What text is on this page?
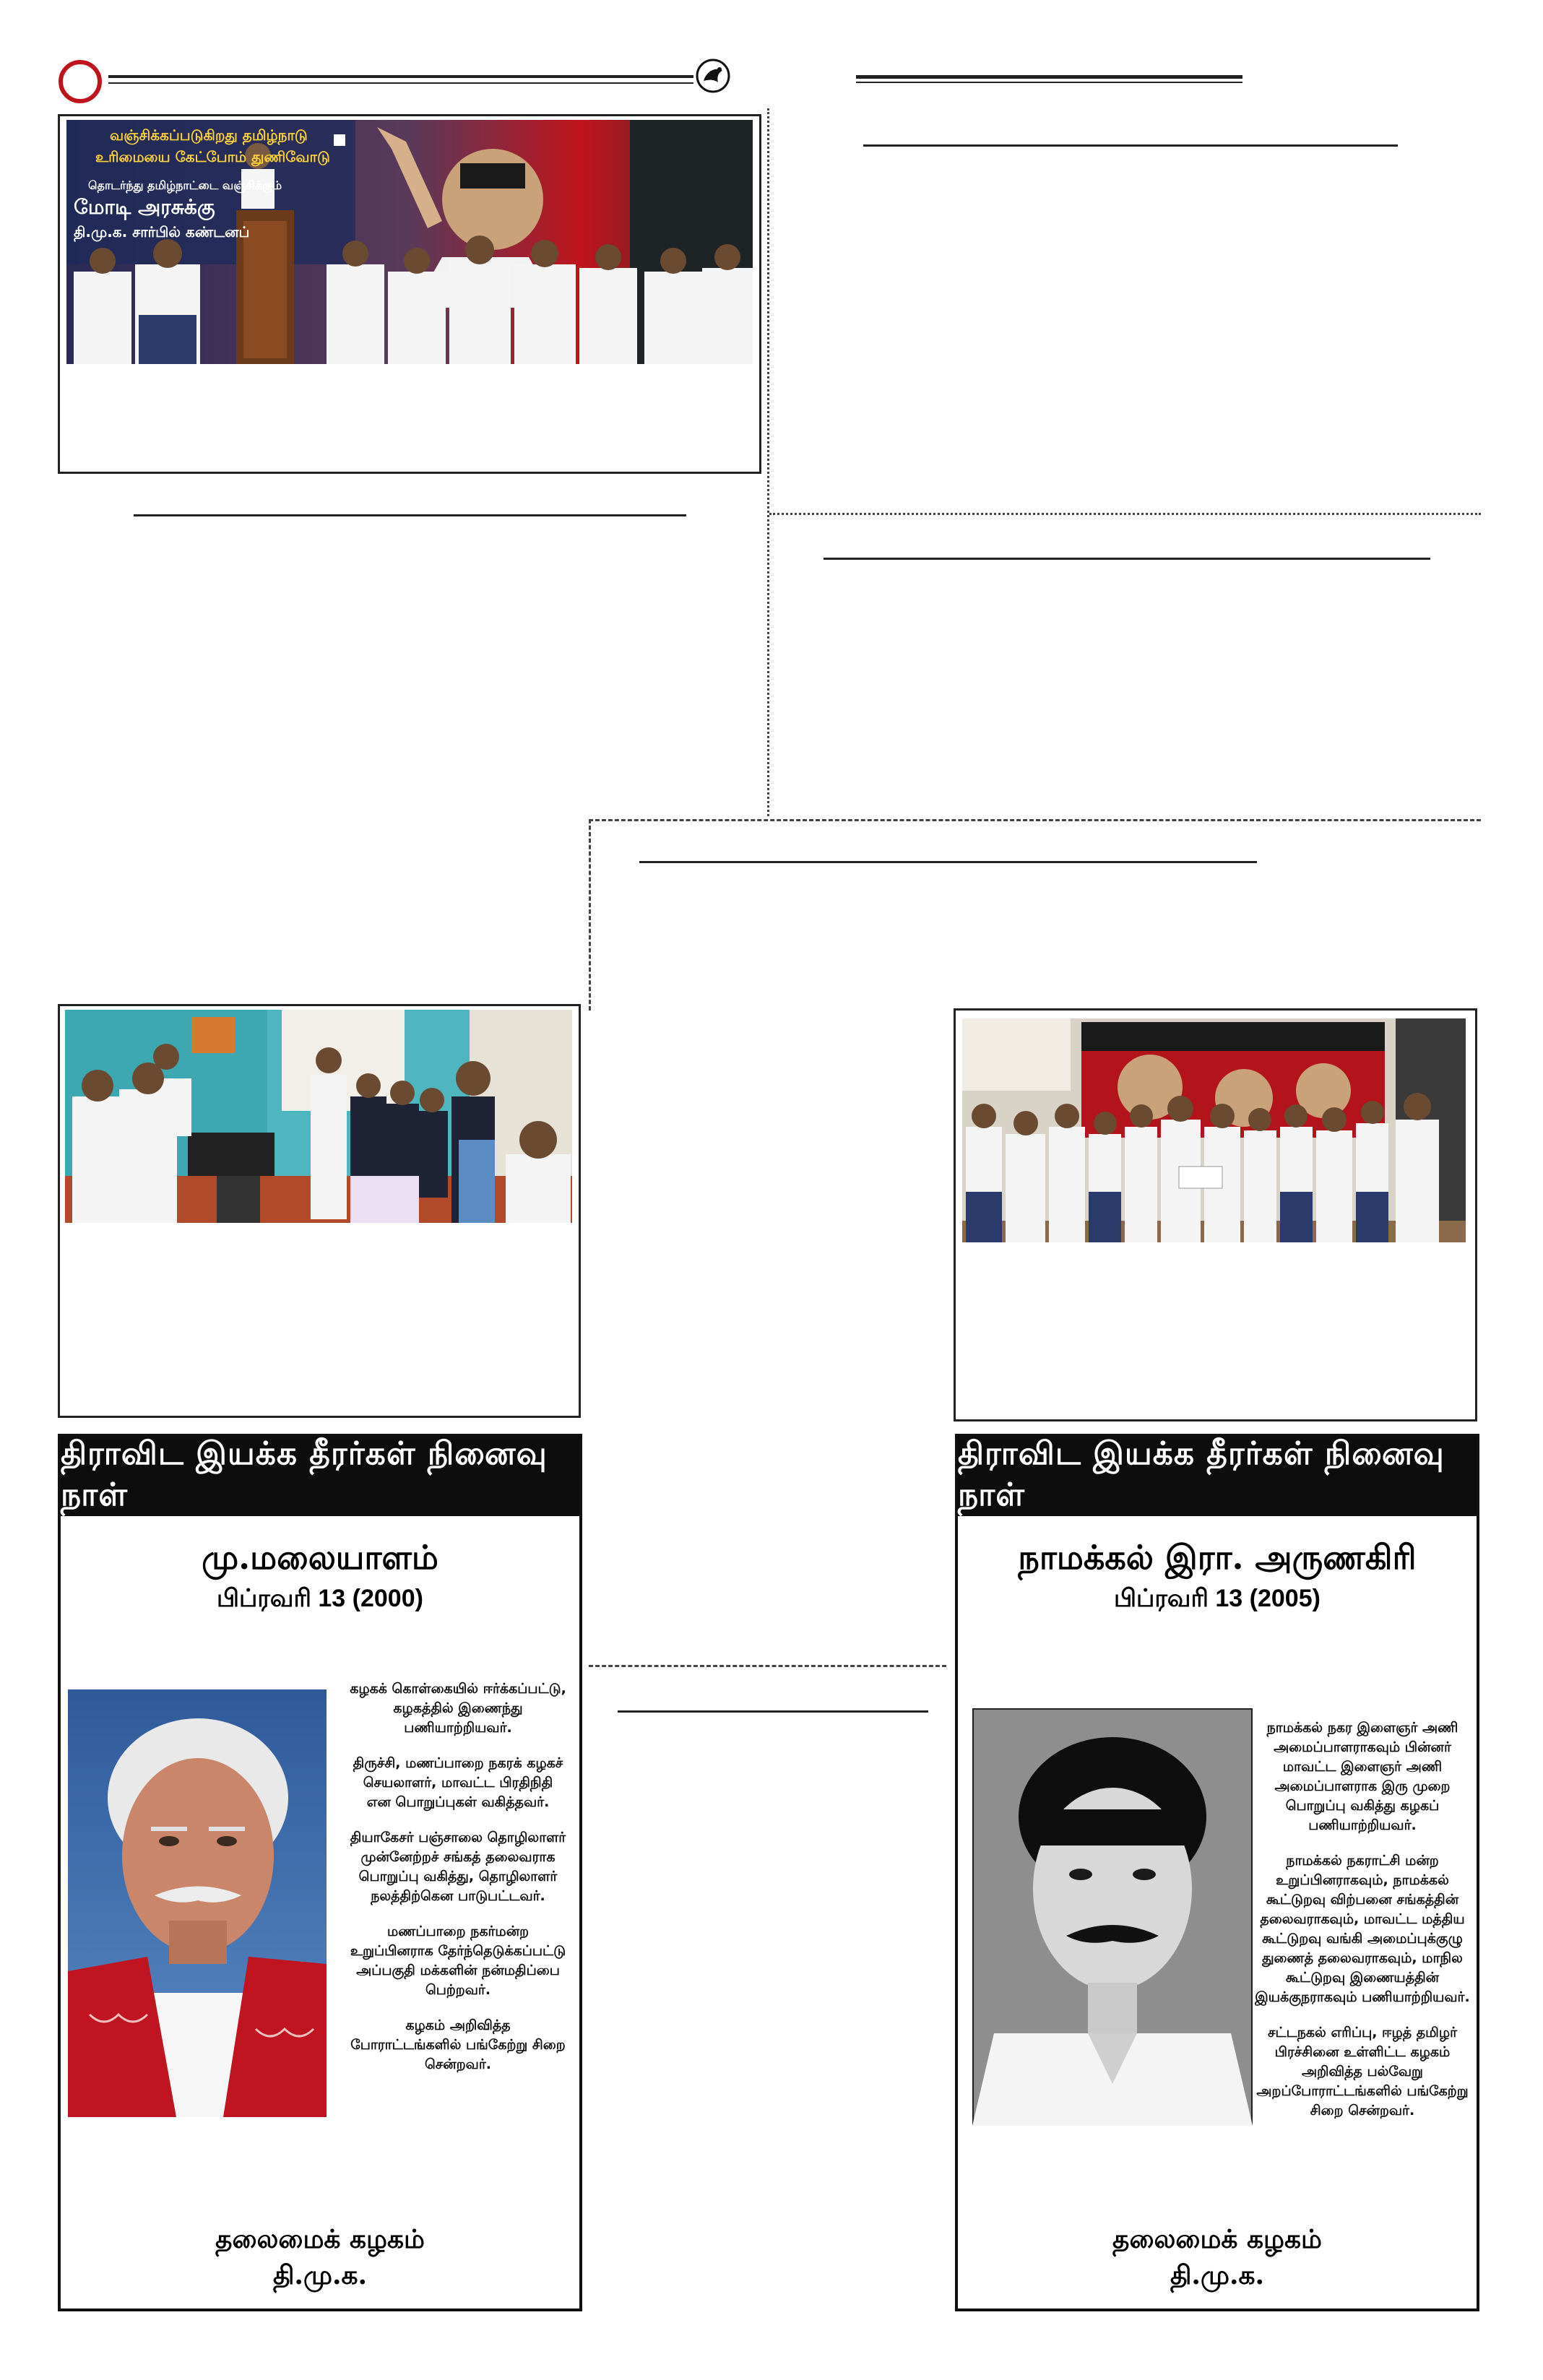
வஞ்சிக்கப்படுகிறது தமிழ்நாடு
உரிமையை கேட்போம் துணிவோடு
தொடர்ந்து தமிழ்நாட்டை வஞ்சிக்கும்
மோடி அரசுக்கு
தி.மு.க. சார்பில் கண்டனப்
திராவிட இயக்க தீரர்கள் நினைவு நாள்
மு.மலையாளம்
பிப்ரவரி 13 (2000)

கழகக் கொள்கையில் ஈர்க்கப்பட்டு, கழகத்தில் இணைந்து பணியாற்றியவர்.

திருச்சி, மணப்பாறை நகரக் கழகச் செயலாளர், மாவட்ட பிரதிநிதி என பொறுப்புகள் வகித்தவர்.

தியாகேசர் பஞ்சாலை தொழிலாளர் முன்னேற்றச் சங்கத் தலைவராக பொறுப்பு வகித்து, தொழிலாளர் நலத்திற்கென பாடுபட்டவர்.

மணப்பாறை நகர்மன்ற உறுப்பினராக தேர்ந்தெடுக்கப்பட்டு அப்பகுதி மக்களின் நன்மதிப்பை பெற்றவர்.

கழகம் அறிவித்த போராட்டங்களில் பங்கேற்று சிறை சென்றவர்.

தலைமைக் கழகம்
தி.மு.க.
திராவிட இயக்க தீரர்கள் நினைவு நாள்
நாமக்கல் இரா. அருணகிரி
பிப்ரவரி 13 (2005)

நாமக்கல் நகர இளைஞர் அணி அமைப்பாளராகவும் பின்னர் மாவட்ட இளைஞர் அணி அமைப்பாளராக இரு முறை பொறுப்பு வகித்து கழகப் பணியாற்றியவர்.

நாமக்கல் நகராட்சி மன்ற உறுப்பினராகவும், நாமக்கல் கூட்டுறவு விற்பனை சங்கத்தின் தலைவராகவும், மாவட்ட மத்திய கூட்டுறவு வங்கி அமைப்புக்குழு துணைத் தலைவராகவும், மாநில கூட்டுறவு இணையத்தின் இயக்குநராகவும் பணியாற்றியவர்.

சட்டநகல் எரிப்பு, ஈழத் தமிழர் பிரச்சினை உள்ளிட்ட கழகம் அறிவித்த பல்வேறு அறப்போராட்டங்களில் பங்கேற்று சிறை சென்றவர்.

தலைமைக் கழகம்
தி.மு.க.
